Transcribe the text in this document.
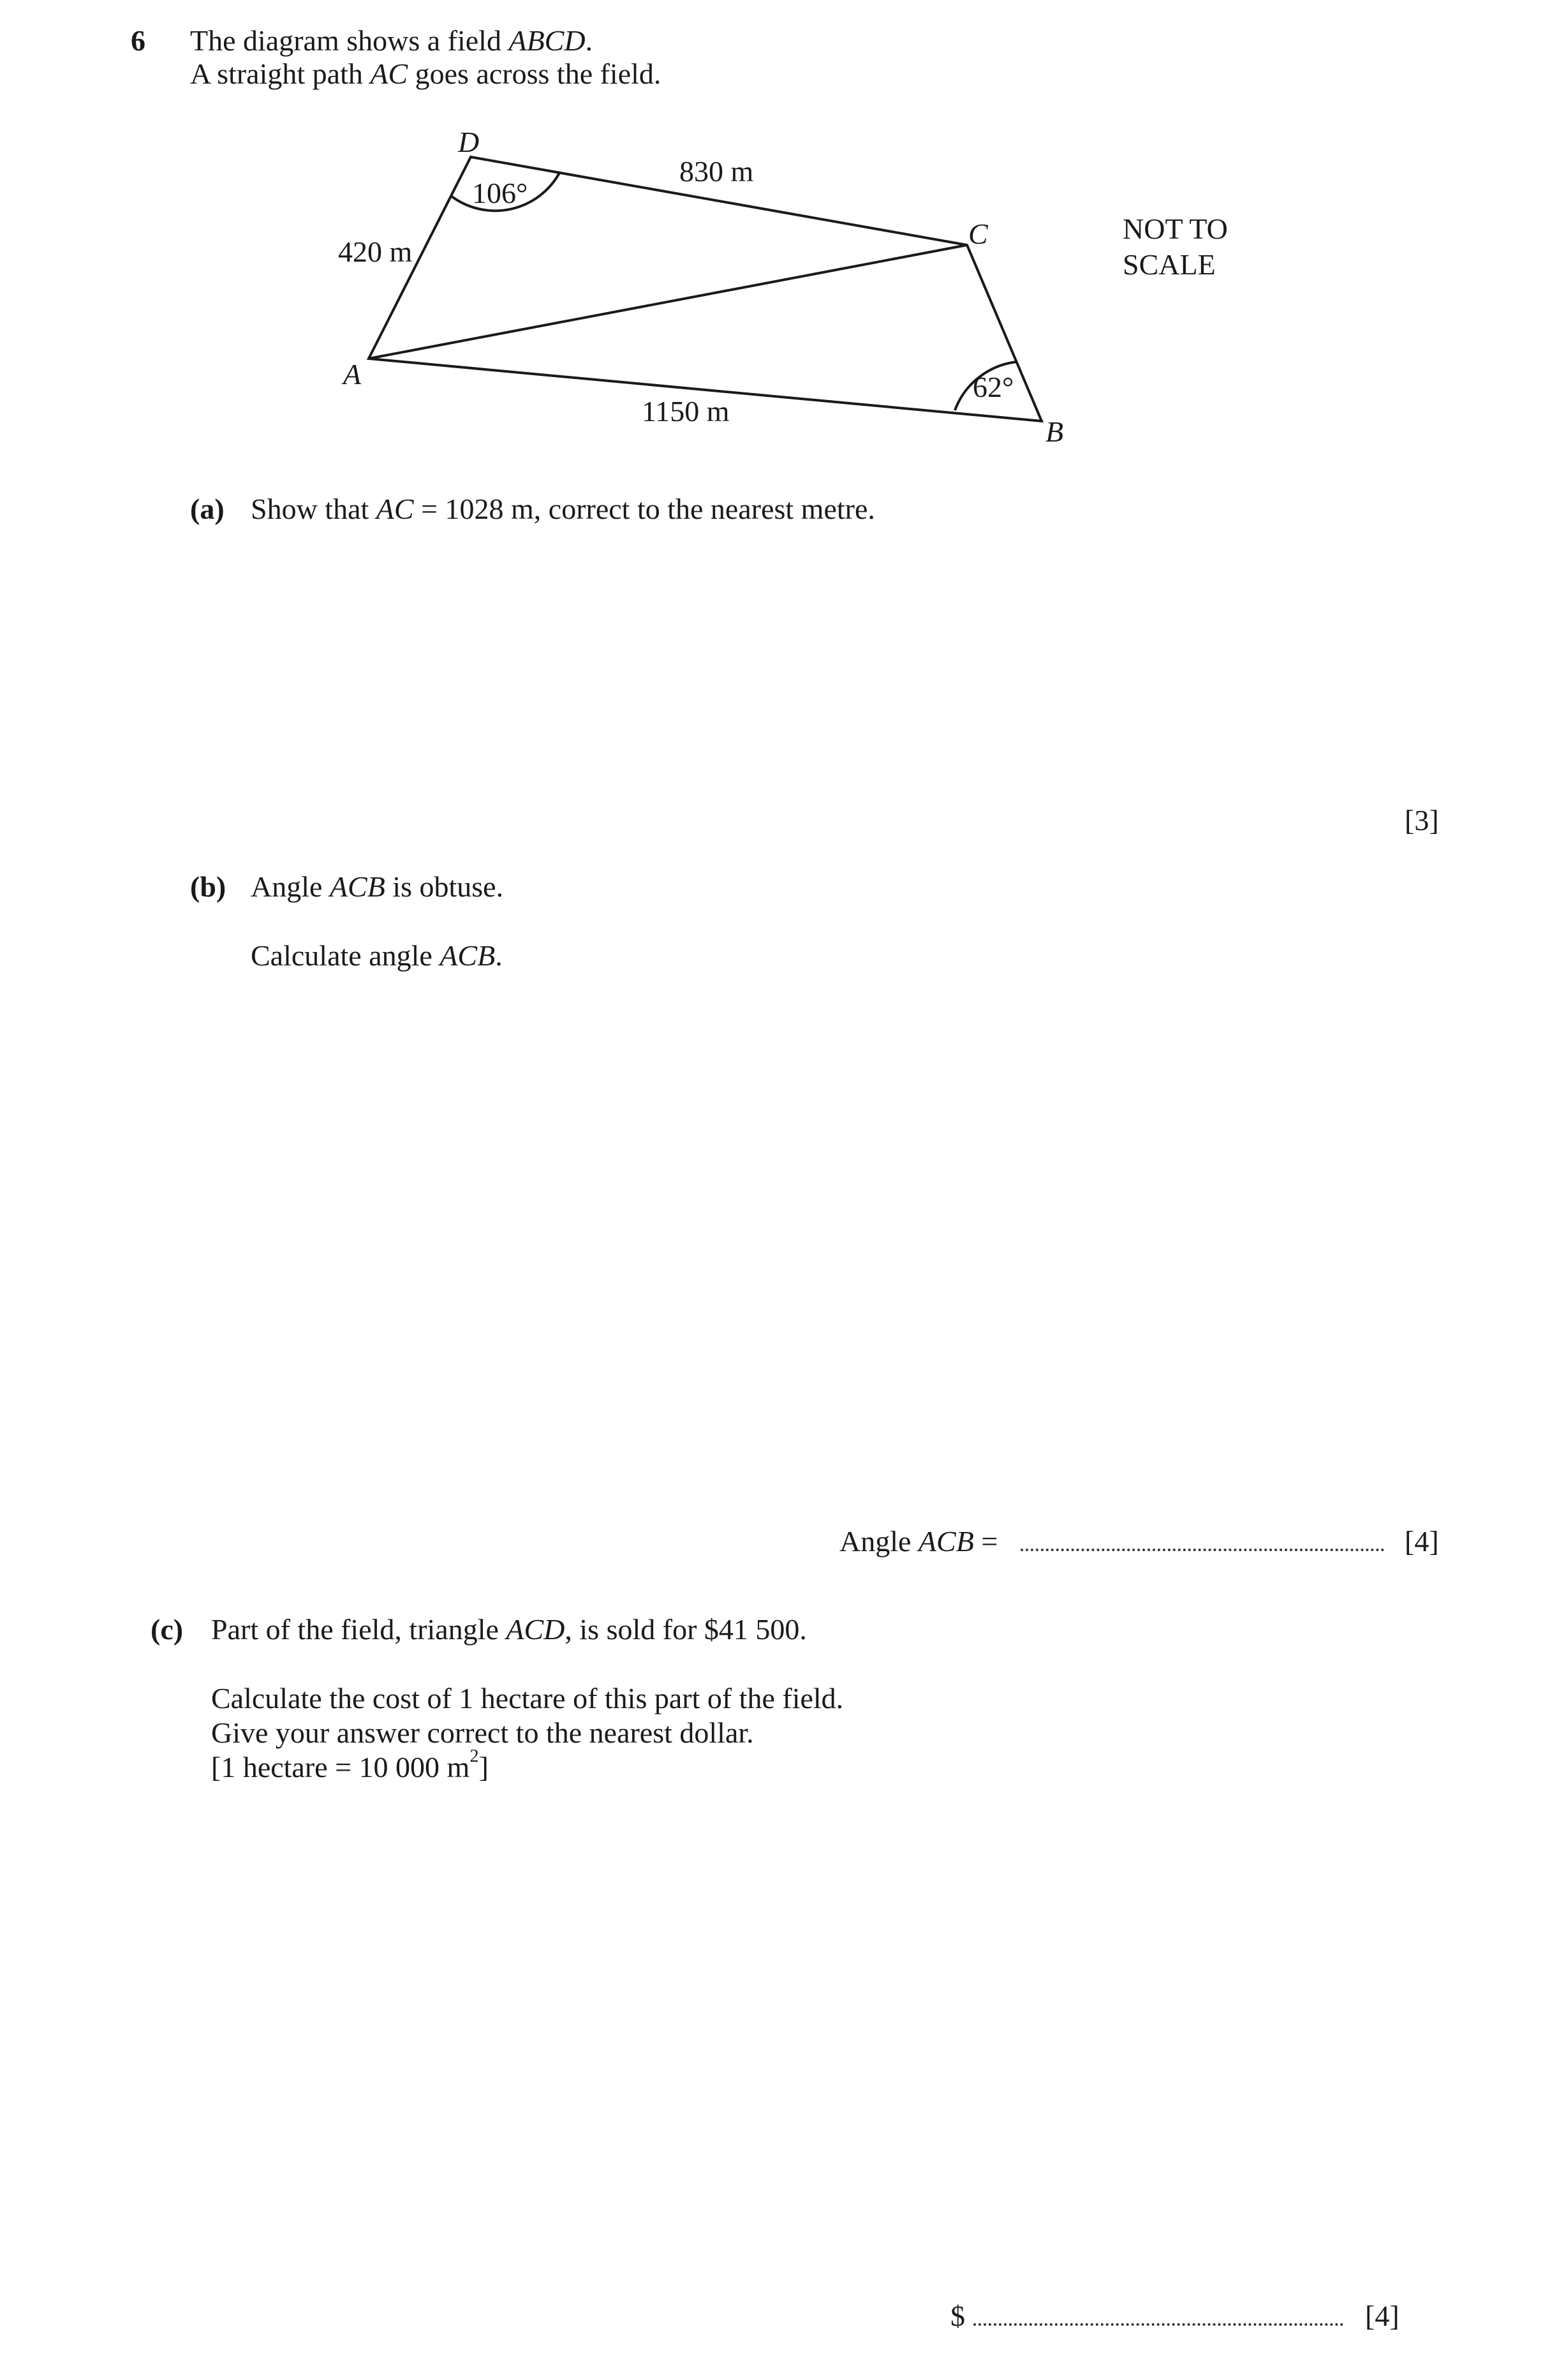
6 The diagram shows a field ABCD.
A straight path AC goes across the field.
D
C
A
B
830 m
420 m
1150 m
106°
62°
NOT TO
SCALE
(a) Show that AC = 1028 m, correct to the nearest metre.
[3]
(b) Angle ACB is obtuse.
Calculate angle ACB.
Angle ACB =	[4]
(c) Part of the field, triangle ACD, is sold for $41 500.
Calculate the cost of 1 hectare of this part of the field.
Give your answer correct to the nearest dollar.
[1 hectare = 10 000 $m^2$]
$	[4]
